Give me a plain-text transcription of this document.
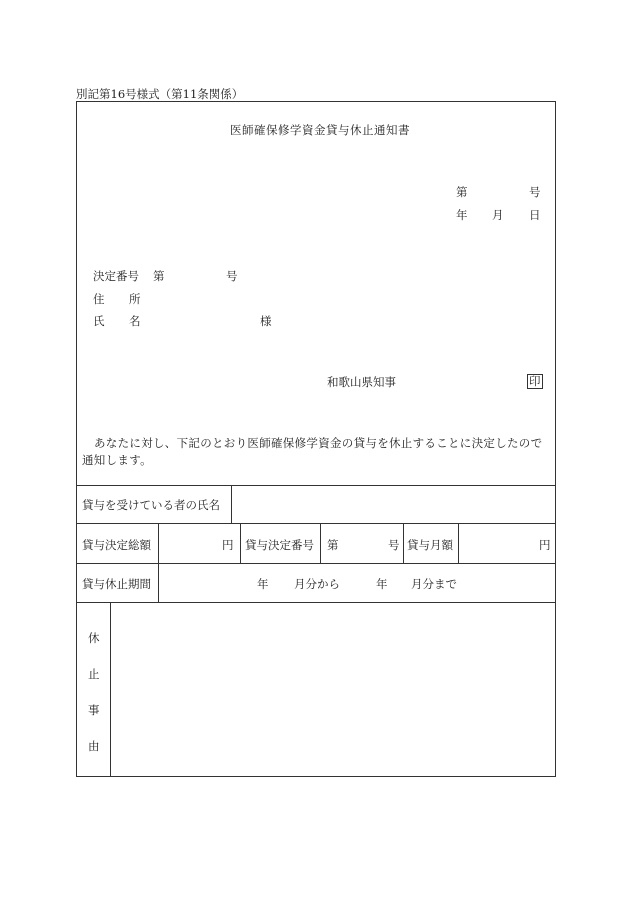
別記第16号様式（第11条関係）
医師確保修学資金貸与休止通知書
第	号
年 月 日
決定番号 第	号
住 所
氏 名	様
和歌山県知事	印
あなたに対し、下記のとおり医師確保修学資金の貸与を休止することに決定したので通知します。
貸与を受けている者の氏名
貸与決定総額	円 貸与決定番号 第	号 貸与月額	円
貸与休止期間	年 月分から	年 月分まで
休
止
事
由
